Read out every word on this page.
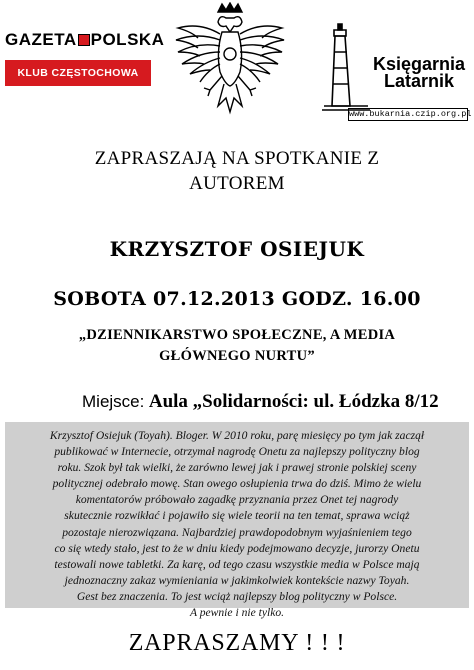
GAZETA POLSKA
KLUB CZĘSTOCHOWA	Księgarnia
Latarnik
www.bukarnia.czip.org.pl
ZAPRASZAJĄ NA SPOTKANIE Z
AUTOREM
KRZYSZTOF OSIEJUK
SOBOTA 07.12.2013 GODZ. 16.00
„DZIENNIKARSTWO SPOŁECZNE, A MEDIA
GŁÓWNEGO NURTU”
Miejsce: Aula „Solidarności: ul. Łódzka 8/12
Krzysztof Osiejuk (Toyah). Bloger. W 2010 roku, parę miesięcy po tym jak zaczął
publikować w Internecie, otrzymał nagrodę Onetu za najlepszy polityczny blog
roku. Szok był tak wielki, że zarówno lewej jak i prawej stronie polskiej sceny
politycznej odebrało mowę. Stan owego osłupienia trwa do dziś. Mimo że wielu
komentatorów próbowało zagadkę przyznania przez Onet tej nagrody
skutecznie rozwikłać i pojawiło się wiele teorii na ten temat, sprawa wciąż
pozostaje nierozwiązana. Najbardziej prawdopodobnym wyjaśnieniem tego
co się wtedy stało, jest to że w dniu kiedy podejmowano decyzje, jurorzy Onetu
testowali nowe tabletki. Za karę, od tego czasu wszystkie media w Polsce mają
jednoznaczny zakaz wymieniania w jakimkolwiek kontekście nazwy Toyah.
Gest bez znaczenia. To jest wciąż najlepszy blog polityczny w Polsce.
A pewnie i nie tylko.
ZAPRASZAMY ! ! !
